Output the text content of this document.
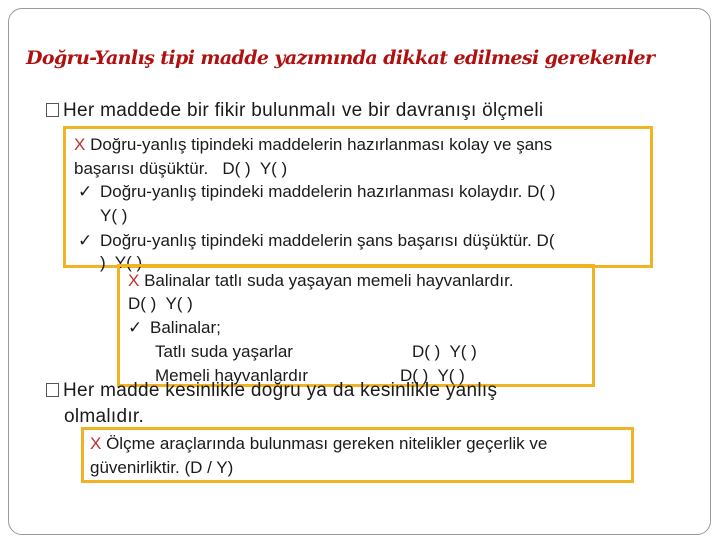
Doğru-Yanlış tipi madde yazımında dikkat edilmesi gerekenler
Her maddede bir fikir bulunmalı ve bir davranışı ölçmeli
X Doğru-yanlış tipindeki maddelerin hazırlanması kolay ve şans
başarısı düşüktür.   D( )  Y( )
✓ Doğru-yanlış tipindeki maddelerin hazırlanması kolaydır. D( )
Y( )
✓ Doğru-yanlış tipindeki maddelerin şans başarısı düşüktür. D(
)  Y( )
X Balinalar tatlı suda yaşayan memeli hayvanlardır.
D( )  Y( )
✓ Balinalar;
Tatlı suda yaşarlar	D( )  Y( )
Memeli hayvanlardır	D( )  Y( )
Her madde kesinlikle doğru ya da kesinlikle yanlış
olmalıdır.
X Ölçme araçlarında bulunması gereken nitelikler geçerlik ve
güvenirliktir. (D / Y)
